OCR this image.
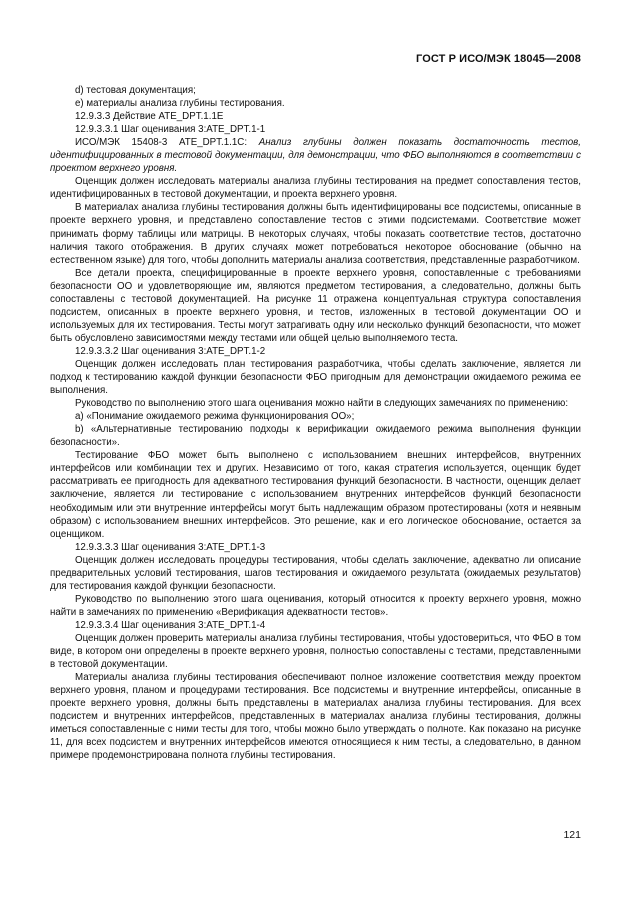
ГОСТ Р ИСО/МЭК 18045—2008

d) тестовая документация;

e) материалы анализа глубины тестирования.

12.9.3.3 Действие ATE_DPT.1.1E

12.9.3.3.1 Шаг оценивания 3:ATE_DPT.1-1

ИСО/МЭК 15408-3 ATE_DPT.1.1C: Анализ глубины должен показать достаточность тестов, идентифицированных в тестовой документации, для демонстрации, что ФБО выполняются в соответствии с проектом верхнего уровня.

Оценщик должен исследовать материалы анализа глубины тестирования на предмет сопоставления тестов, идентифицированных в тестовой документации, и проекта верхнего уровня.

В материалах анализа глубины тестирования должны быть идентифицированы все подсистемы, описанные в проекте верхнего уровня, и представлено сопоставление тестов с этими подсистемами. Соответствие может принимать форму таблицы или матрицы. В некоторых случаях, чтобы показать соответствие тестов, достаточно наличия такого отображения. В других случаях может потребоваться некоторое обоснование (обычно на естественном языке) для того, чтобы дополнить материалы анализа соответствия, представленные разработчиком.

Все детали проекта, специфицированные в проекте верхнего уровня, сопоставленные с требованиями безопасности ОО и удовлетворяющие им, являются предметом тестирования, а следовательно, должны быть сопоставлены с тестовой документацией. На рисунке 11 отражена концептуальная структура сопоставления подсистем, описанных в проекте верхнего уровня, и тестов, изложенных в тестовой документации ОО и используемых для их тестирования. Тесты могут затрагивать одну или несколько функций безопасности, что может быть обусловлено зависимостями между тестами или общей целью выполняемого теста.

12.9.3.3.2 Шаг оценивания 3:ATE_DPT.1-2

Оценщик должен исследовать план тестирования разработчика, чтобы сделать заключение, является ли подход к тестированию каждой функции безопасности ФБО пригодным для демонстрации ожидаемого режима ее выполнения.

Руководство по выполнению этого шага оценивания можно найти в следующих замечаниях по применению:

a) «Понимание ожидаемого режима функционирования ОО»;

b) «Альтернативные тестированию подходы к верификации ожидаемого режима выполнения функции безопасности».

Тестирование ФБО может быть выполнено с использованием внешних интерфейсов, внутренних интерфейсов или комбинации тех и других. Независимо от того, какая стратегия используется, оценщик будет рассматривать ее пригодность для адекватного тестирования функций безопасности. В частности, оценщик делает заключение, является ли тестирование с использованием внутренних интерфейсов функций безопасности необходимым или эти внутренние интерфейсы могут быть надлежащим образом протестированы (хотя и неявным образом) с использованием внешних интерфейсов. Это решение, как и его логическое обоснование, остается за оценщиком.

12.9.3.3.3 Шаг оценивания 3:ATE_DPT.1-3

Оценщик должен исследовать процедуры тестирования, чтобы сделать заключение, адекватно ли описание предварительных условий тестирования, шагов тестирования и ожидаемого результата (ожидаемых результатов) для тестирования каждой функции безопасности.

Руководство по выполнению этого шага оценивания, который относится к проекту верхнего уровня, можно найти в замечаниях по применению «Верификация адекватности тестов».

12.9.3.3.4 Шаг оценивания 3:ATE_DPT.1-4

Оценщик должен проверить материалы анализа глубины тестирования, чтобы удостовериться, что ФБО в том виде, в котором они определены в проекте верхнего уровня, полностью сопоставлены с тестами, представленными в тестовой документации.

Материалы анализа глубины тестирования обеспечивают полное изложение соответствия между проектом верхнего уровня, планом и процедурами тестирования. Все подсистемы и внутренние интерфейсы, описанные в проекте верхнего уровня, должны быть представлены в материалах анализа глубины тестирования. Для всех подсистем и внутренних интерфейсов, представленных в материалах анализа глубины тестирования, должны иметься сопоставленные с ними тесты для того, чтобы можно было утверждать о полноте. Как показано на рисунке 11, для всех подсистем и внутренних интерфейсов имеются относящиеся к ним тесты, а следовательно, в данном примере продемонстрирована полнота глубины тестирования.

121
